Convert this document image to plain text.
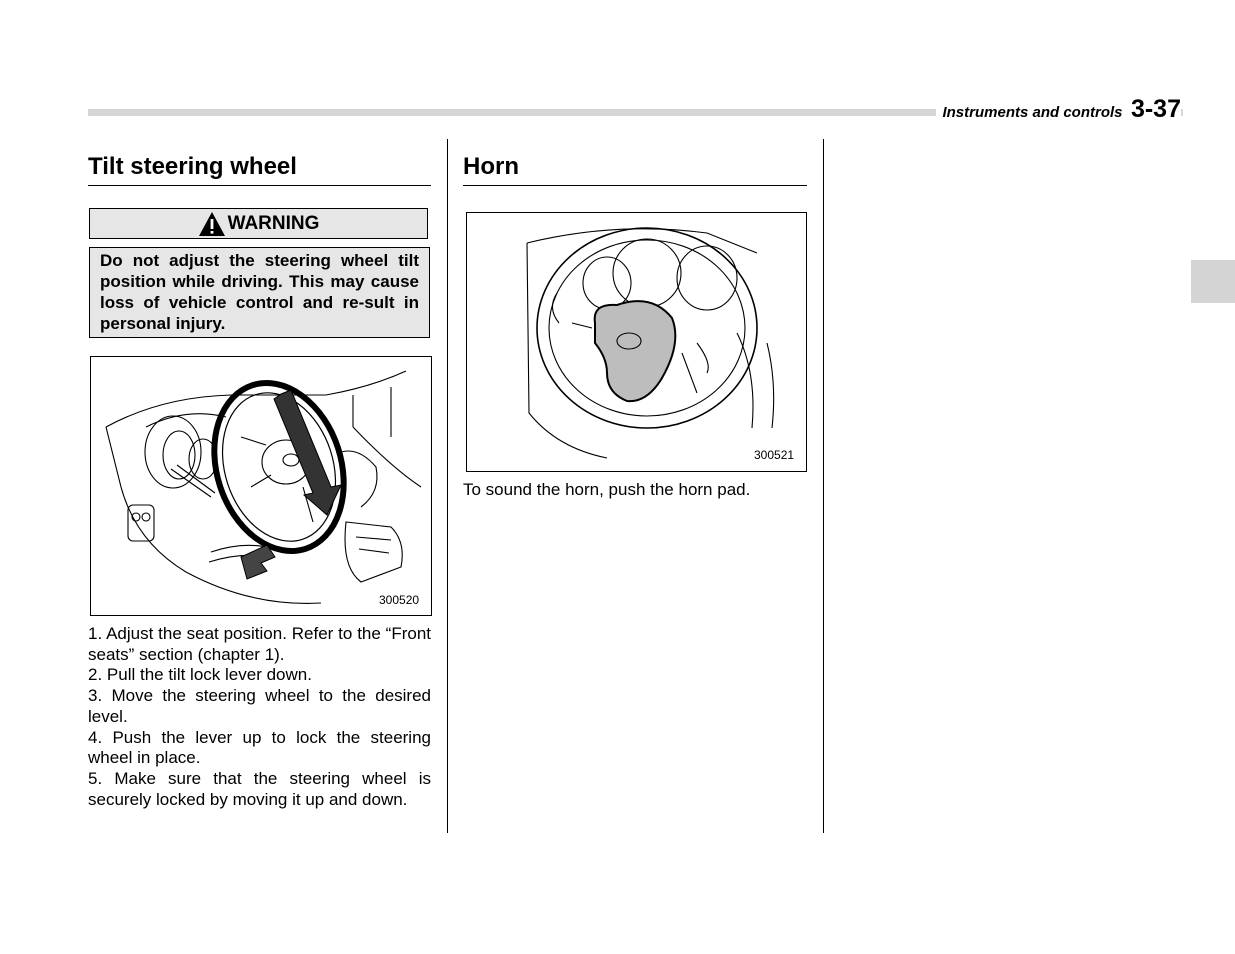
Instruments and controls 3-37
Tilt steering wheel
WARNING

Do not adjust the steering wheel tilt position while driving. This may cause loss of vehicle control and re-sult in personal injury.

300520
1. Adjust the seat position. Refer to the “Front seats” section (chapter 1).
2. Pull the tilt lock lever down.
3. Move the steering wheel to the desired level.
4. Push the lever up to lock the steering wheel in place.
5. Make sure that the steering wheel is securely locked by moving it up and down.
Horn
300521

To sound the horn, push the horn pad.
